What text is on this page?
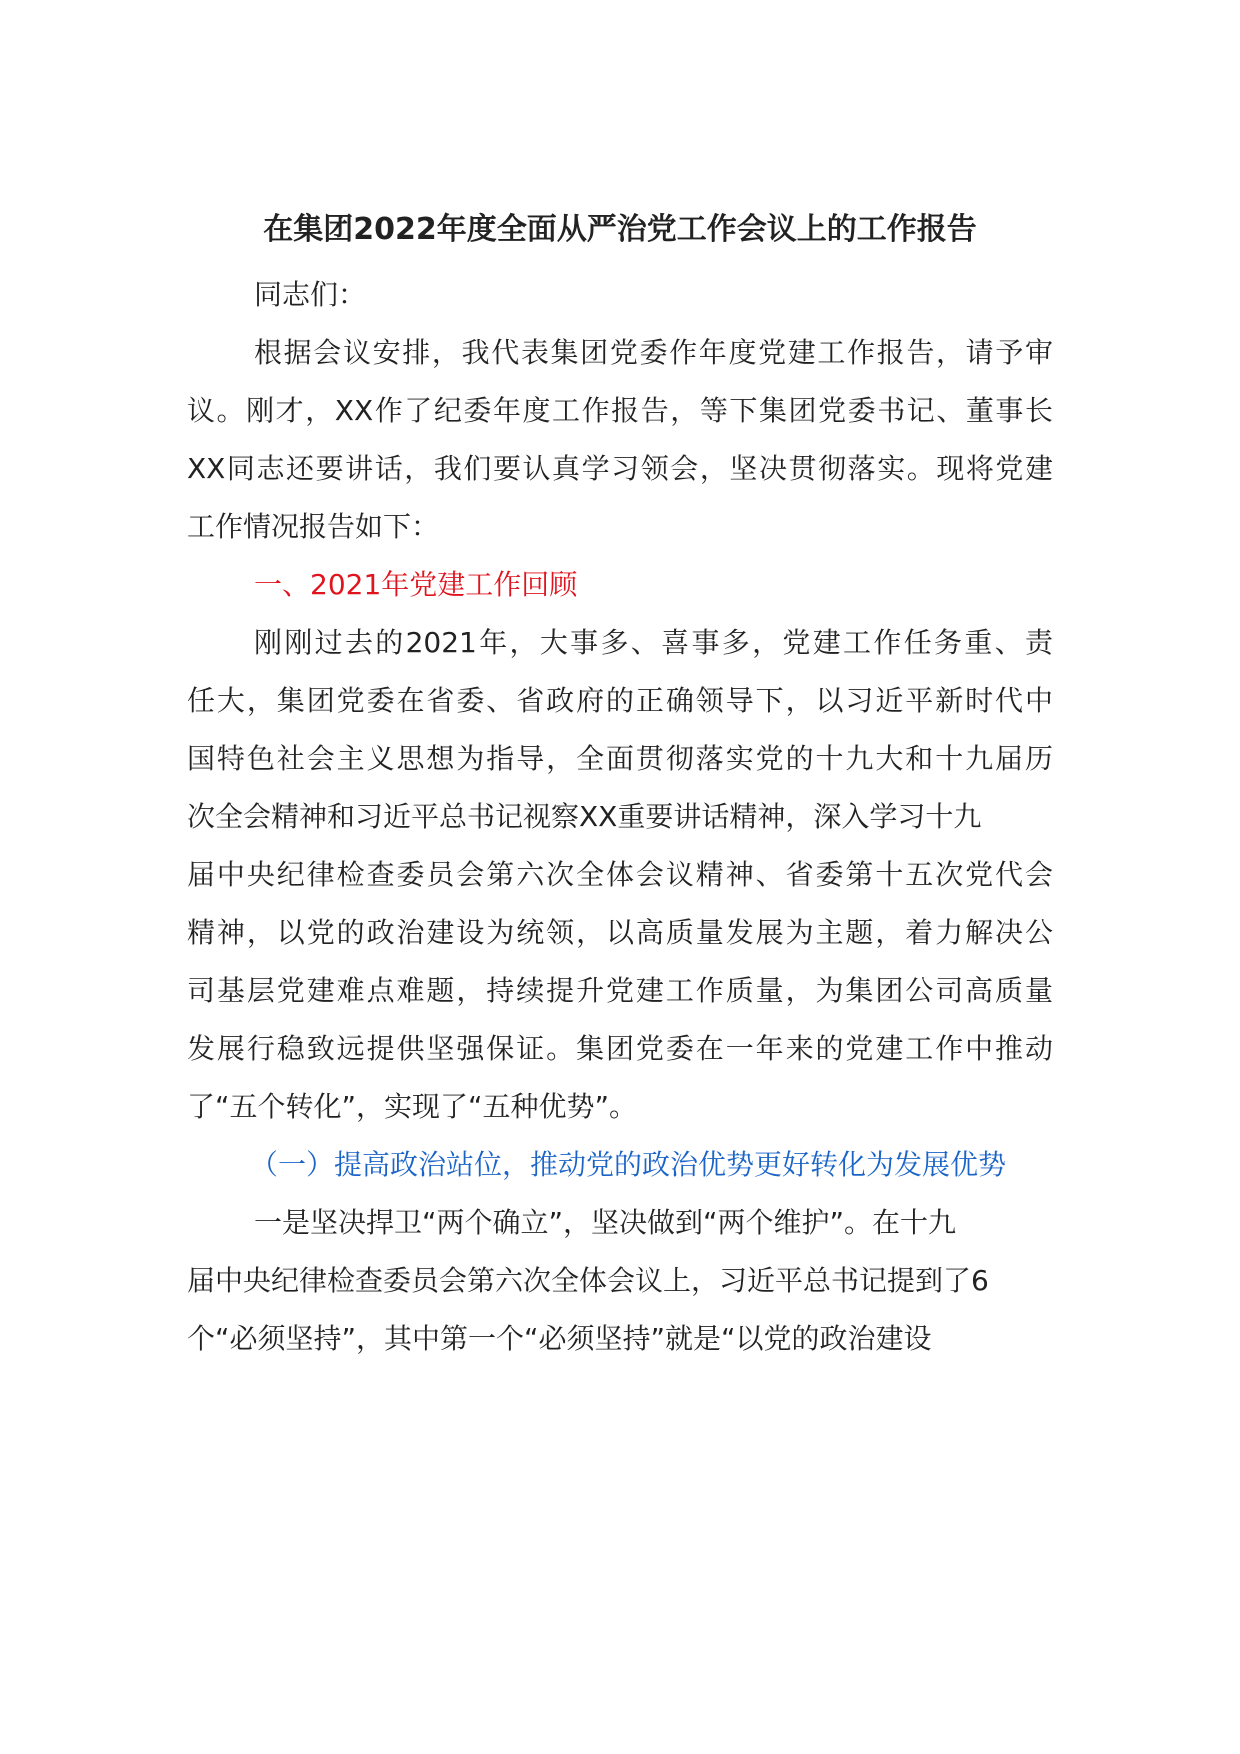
在集团2022年度全面从严治党工作会议上的工作报告
同志们：
根据会议安排，我代表集团党委作年度党建工作报告，请予审
议。刚才，XX作了纪委年度工作报告，等下集团党委书记、董事长
XX同志还要讲话，我们要认真学习领会，坚决贯彻落实。现将党建
工作情况报告如下：
一、2021年党建工作回顾
刚刚过去的2021年，大事多、喜事多，党建工作任务重、责
任大，集团党委在省委、省政府的正确领导下，以习近平新时代中
国特色社会主义思想为指导，全面贯彻落实党的十九大和十九届历
次全会精神和习近平总书记视察XX重要讲话精神，深入学习十九
届中央纪律检查委员会第六次全体会议精神、省委第十五次党代会
精神，以党的政治建设为统领，以高质量发展为主题，着力解决公
司基层党建难点难题，持续提升党建工作质量，为集团公司高质量
发展行稳致远提供坚强保证。集团党委在一年来的党建工作中推动
了“五个转化”，实现了“五种优势”。
（一）提高政治站位，推动党的政治优势更好转化为发展优势
一是坚决捍卫“两个确立”，坚决做到“两个维护”。在十九
届中央纪律检查委员会第六次全体会议上，习近平总书记提到了6
个“必须坚持”，其中第一个“必须坚持”就是“以党的政治建设
